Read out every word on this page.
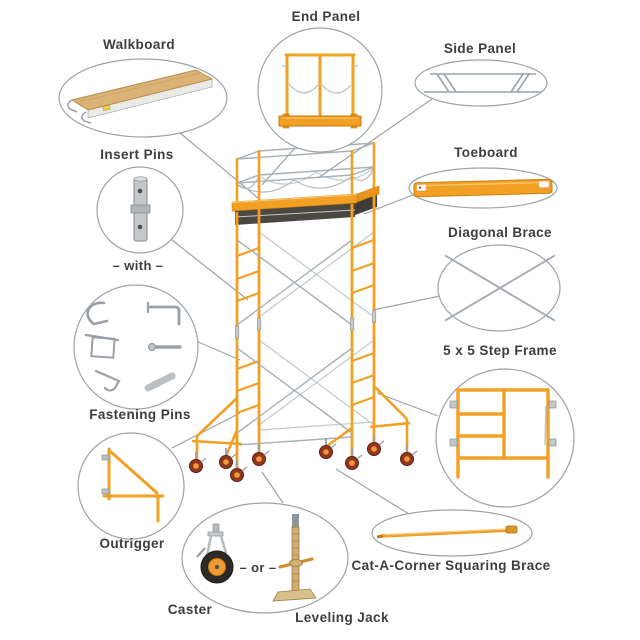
Walkboard
End Panel
Side Panel
Insert Pins	Toeboard
Diagonal Brace
– with –
Fastening Pins
5 x 5 Step Frame
Outrigger
– or –
Caster
Leveling Jack
Cat-A-Corner Squaring Brace
